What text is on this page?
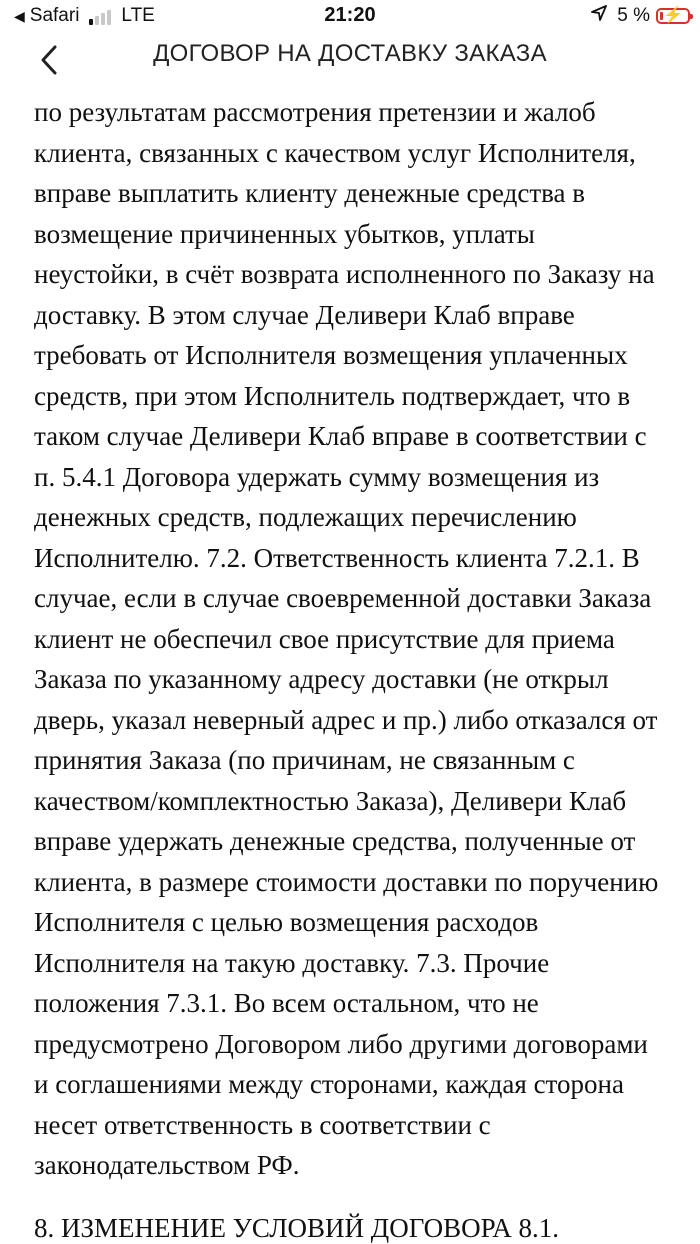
◀ Safari LTE	21:20	5 % ⚡
ДОГОВОР НА ДОСТАВКУ ЗАКАЗА

по результатам рассмотрения претензии и жалоб
клиента, связанных с качеством услуг Исполнителя,
вправе выплатить клиенту денежные средства в
возмещение причиненных убытков, уплаты
неустойки, в счёт возврата исполненного по Заказу на
доставку. В этом случае Деливери Клаб вправе
требовать от Исполнителя возмещения уплаченных
средств, при этом Исполнитель подтверждает, что в
таком случае Деливери Клаб вправе в соответствии с
п. 5.4.1 Договора удержать сумму возмещения из
денежных средств, подлежащих перечислению
Исполнителю. 7.2. Ответственность клиента 7.2.1. В
случае, если в случае своевременной доставки Заказа
клиент не обеспечил свое присутствие для приема
Заказа по указанному адресу доставки (не открыл
дверь, указал неверный адрес и пр.) либо отказался от
принятия Заказа (по причинам, не связанным с
качеством/комплектностью Заказа), Деливери Клаб
вправе удержать денежные средства, полученные от
клиента, в размере стоимости доставки по поручению
Исполнителя с целью возмещения расходов
Исполнителя на такую доставку. 7.3. Прочие
положения 7.3.1. Во всем остальном, что не
предусмотрено Договором либо другими договорами
и соглашениями между сторонами, каждая сторона
несет ответственность в соответствии с
законодательством РФ.

8. ИЗМЕНЕНИЕ УСЛОВИЙ ДОГОВОРА 8.1.
